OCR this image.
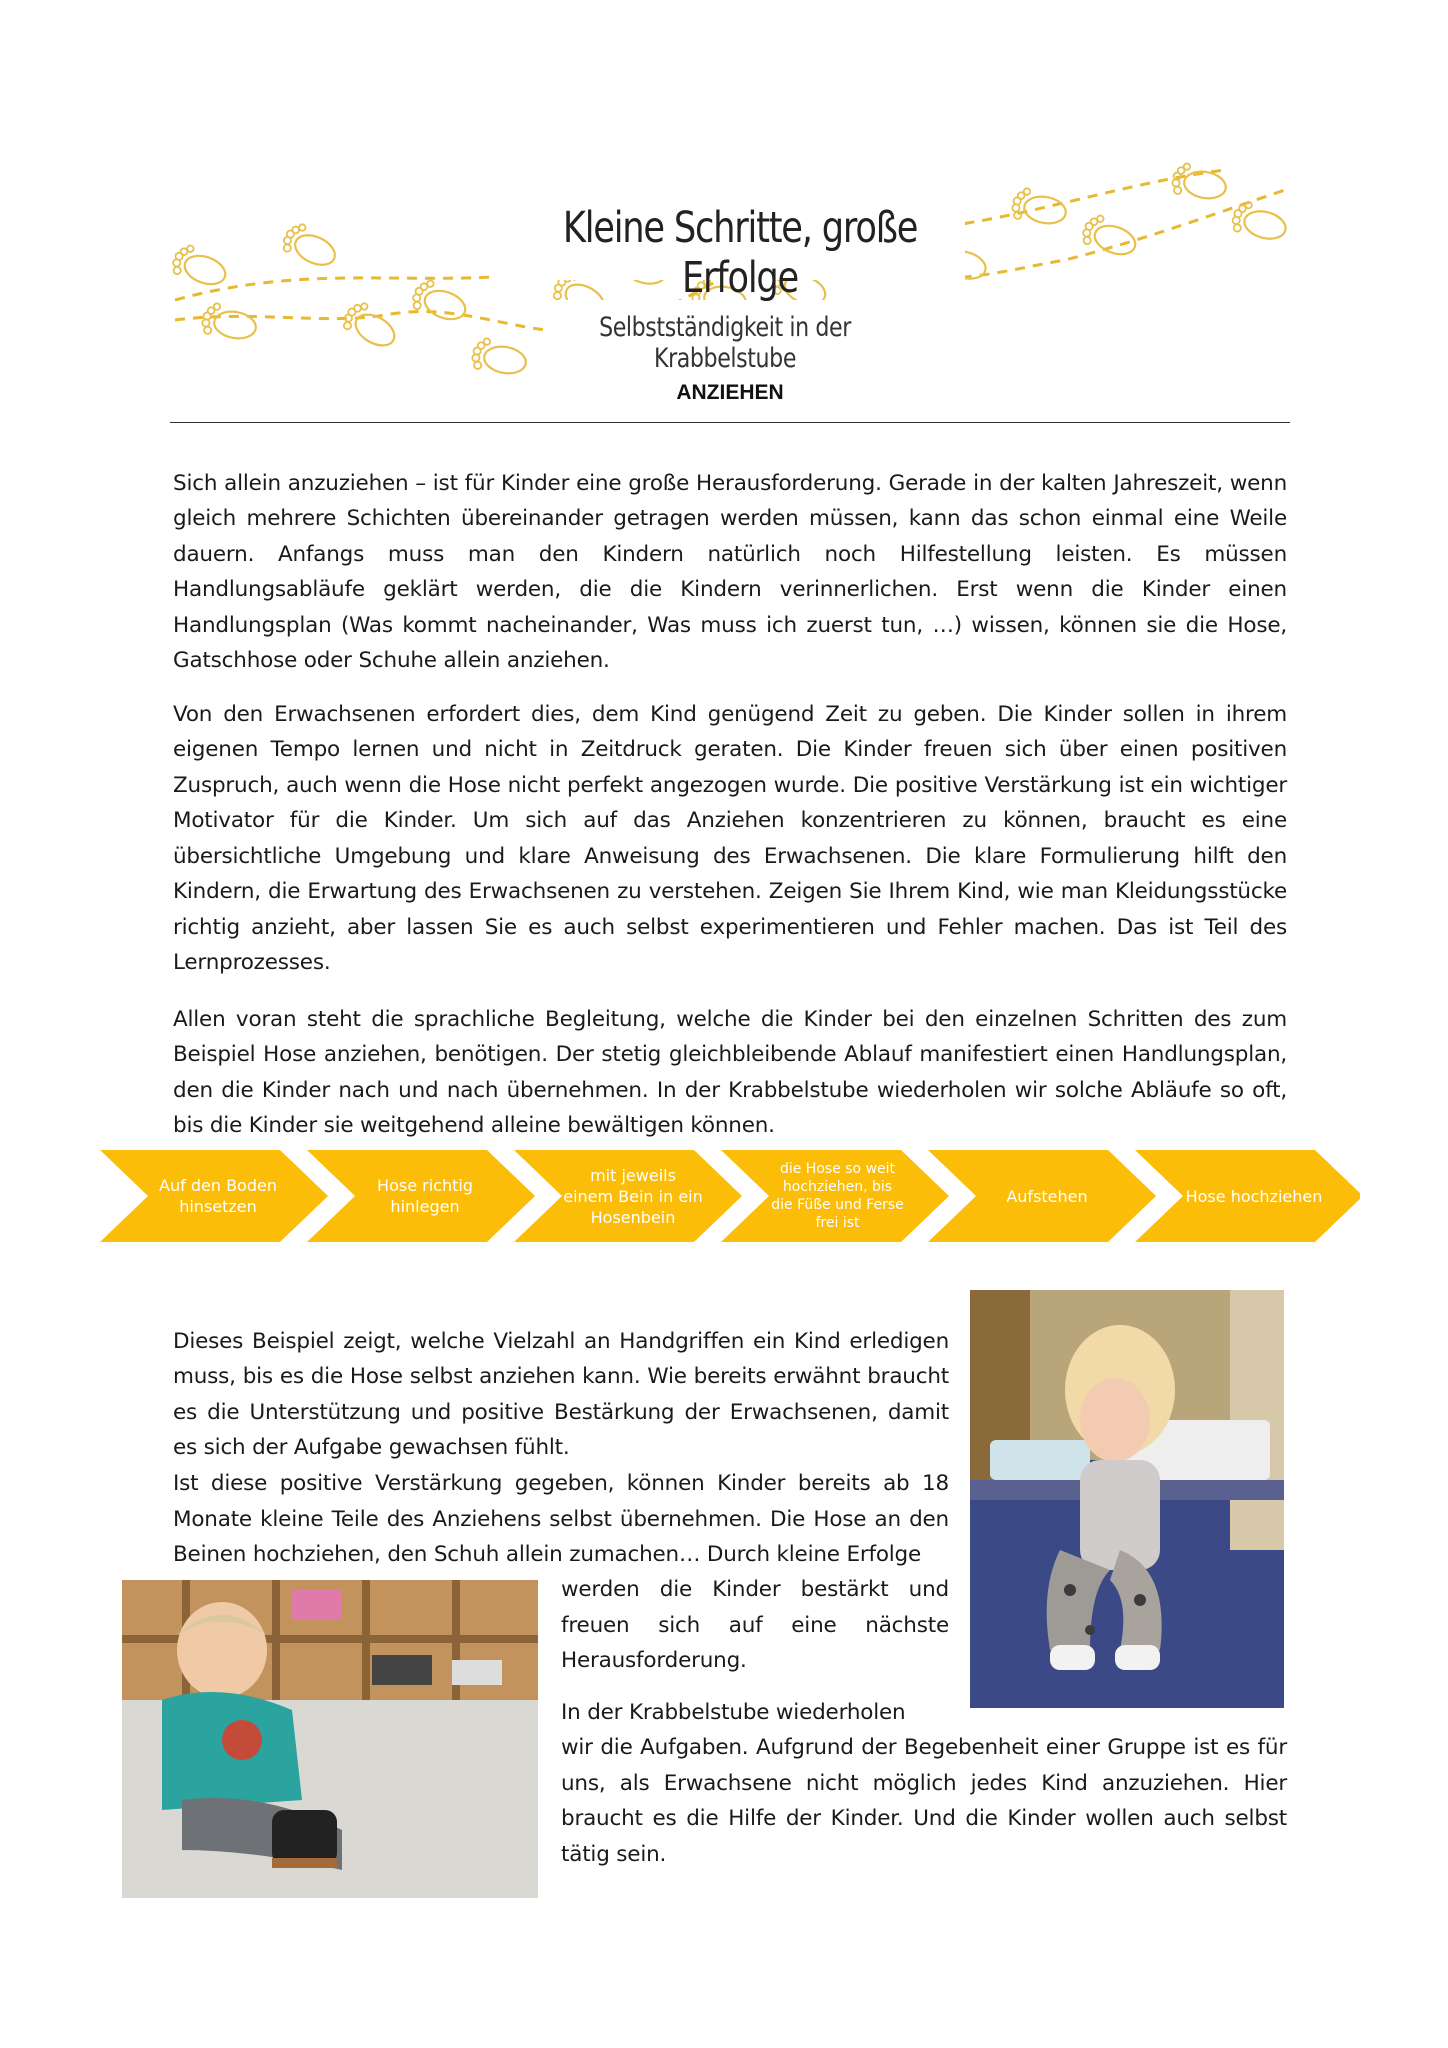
Kleine Schritte, große Erfolge
Selbstständigkeit in der Krabbelstube
ANZIEHEN

Sich allein anzuziehen – ist für Kinder eine große Herausforderung. Gerade in der kalten Jahreszeit, wenn gleich mehrere Schichten übereinander getragen werden müssen, kann das schon einmal eine Weile dauern. Anfangs muss man den Kindern natürlich noch Hilfestellung leisten. Es müssen Handlungsabläufe geklärt werden, die die Kindern verinnerlichen. Erst wenn die Kinder einen Handlungsplan (Was kommt nacheinander, Was muss ich zuerst tun, …) wissen, können sie die Hose, Gatschhose oder Schuhe allein anziehen.

Von den Erwachsenen erfordert dies, dem Kind genügend Zeit zu geben. Die Kinder sollen in ihrem eigenen Tempo lernen und nicht in Zeitdruck geraten. Die Kinder freuen sich über einen positiven Zuspruch, auch wenn die Hose nicht perfekt angezogen wurde. Die positive Verstärkung ist ein wichtiger Motivator für die Kinder. Um sich auf das Anziehen konzentrieren zu können, braucht es eine übersichtliche Umgebung und klare Anweisung des Erwachsenen. Die klare Formulierung hilft den Kindern, die Erwartung des Erwachsenen zu verstehen. Zeigen Sie Ihrem Kind, wie man Kleidungsstücke richtig anzieht, aber lassen Sie es auch selbst experimentieren und Fehler machen. Das ist Teil des Lernprozesses.

Allen voran steht die sprachliche Begleitung, welche die Kinder bei den einzelnen Schritten des zum Beispiel Hose anziehen, benötigen. Der stetig gleichbleibende Ablauf manifestiert einen Handlungsplan, den die Kinder nach und nach übernehmen. In der Krabbelstube wiederholen wir solche Abläufe so oft, bis die Kinder sie weitgehend alleine bewältigen können.

Auf den Boden hinsetzen
Hose richtig hinlegen
mit jeweils einem Bein in ein Hosenbein
die Hose so weit hochziehen, bis die Füße und Ferse frei ist
Aufstehen	Hose hochziehen

Dieses Beispiel zeigt, welche Vielzahl an Handgriffen ein Kind erledigen muss, bis es die Hose selbst anziehen kann. Wie bereits erwähnt braucht es die Unterstützung und positive Bestärkung der Erwachsenen, damit es sich der Aufgabe gewachsen fühlt.

Ist diese positive Verstärkung gegeben, können Kinder bereits ab 18 Monate kleine Teile des Anziehens selbst übernehmen. Die Hose an den Beinen hochziehen, den Schuh allein zumachen… Durch kleine Erfolge

werden die Kinder bestärkt und freuen sich auf eine nächste Herausforderung.

In der Krabbelstube wiederholen

wir die Aufgaben. Aufgrund der Begebenheit einer Gruppe ist es für uns, als Erwachsene nicht möglich jedes Kind anzuziehen. Hier braucht es die Hilfe der Kinder. Und die Kinder wollen auch selbst tätig sein.
